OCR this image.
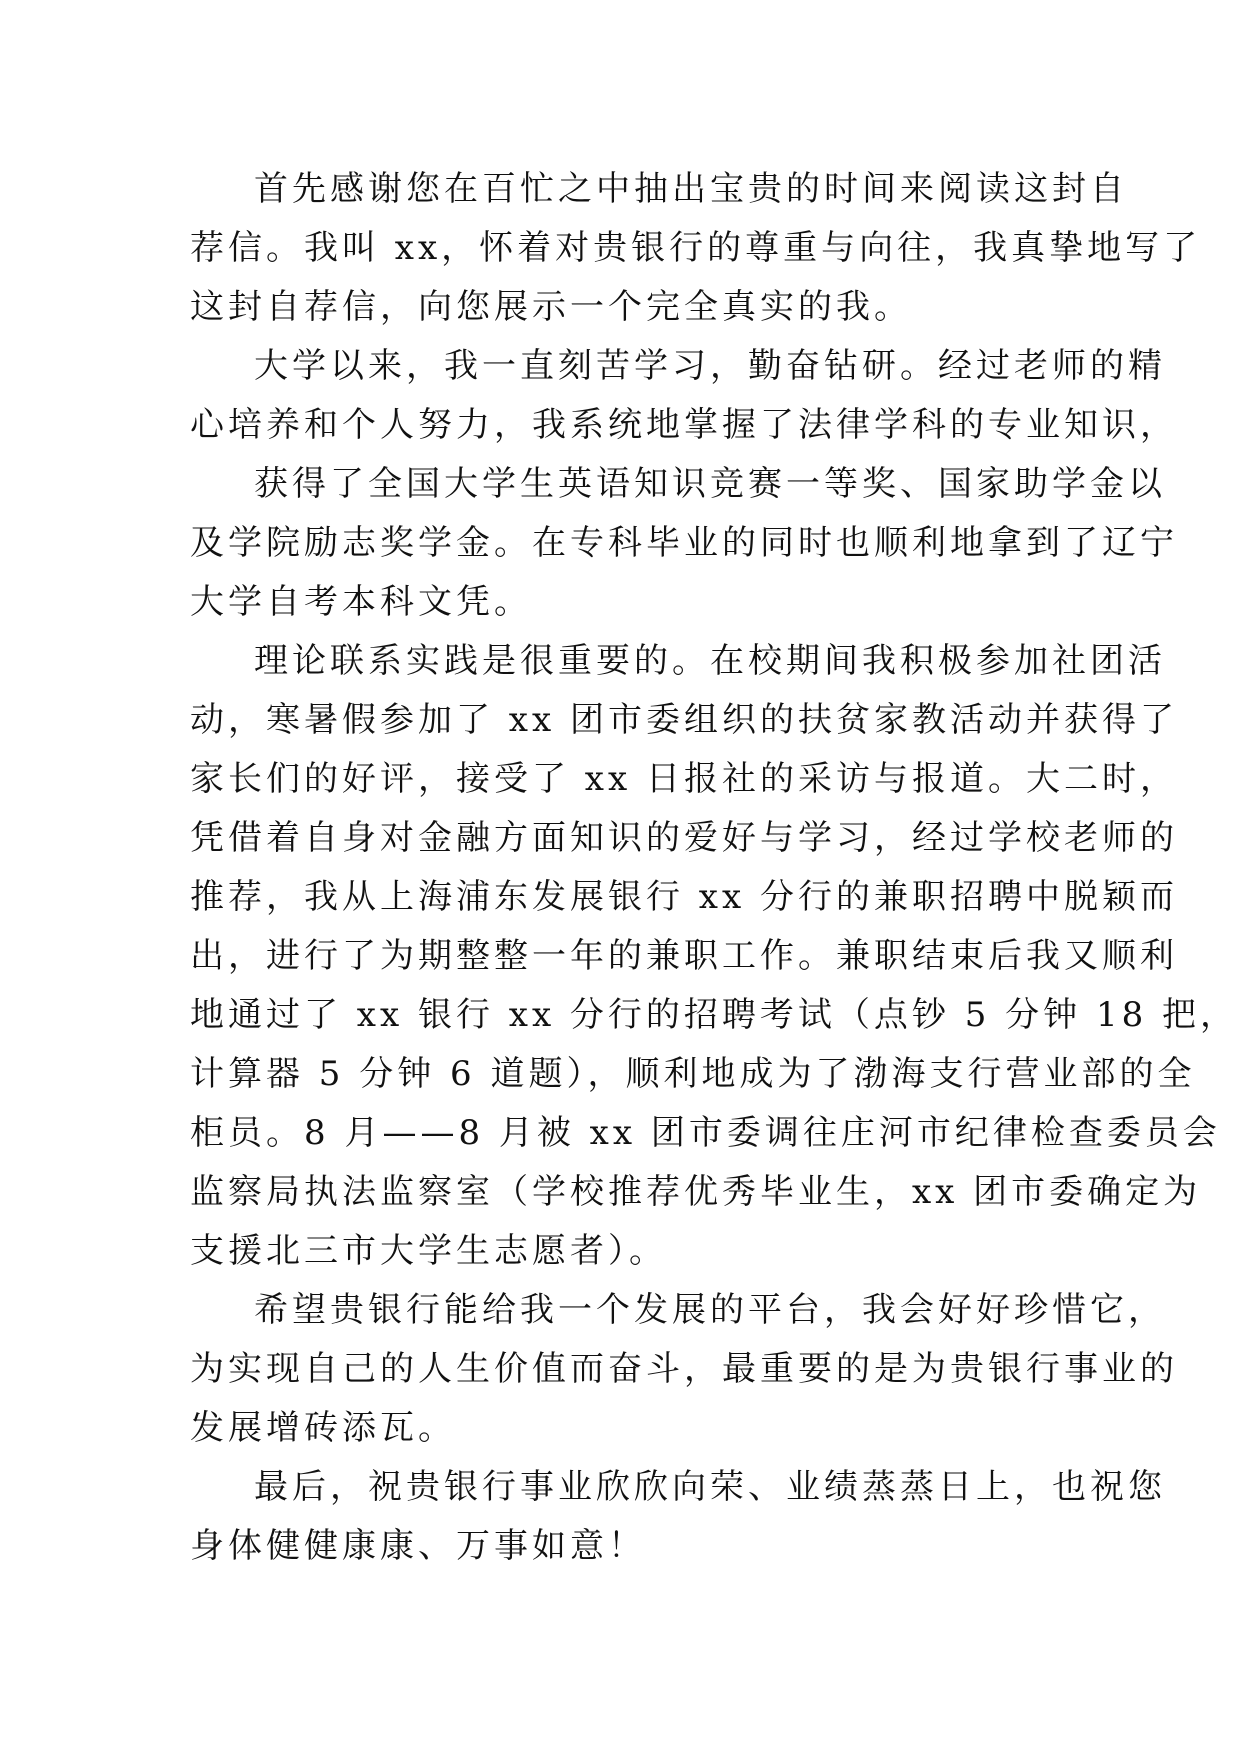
首先感谢您在百忙之中抽出宝贵的时间来阅读这封自
荐信。我叫 xx，怀着对贵银行的尊重与向往，我真挚地写了
这封自荐信，向您展示一个完全真实的我。
大学以来，我一直刻苦学习，勤奋钻研。经过老师的精
心培养和个人努力，我系统地掌握了法律学科的专业知识，
获得了全国大学生英语知识竞赛一等奖、国家助学金以
及学院励志奖学金。在专科毕业的同时也顺利地拿到了辽宁
大学自考本科文凭。
理论联系实践是很重要的。在校期间我积极参加社团活
动，寒暑假参加了 xx 团市委组织的扶贫家教活动并获得了
家长们的好评，接受了 xx 日报社的采访与报道。大二时，
凭借着自身对金融方面知识的爱好与学习，经过学校老师的
推荐，我从上海浦东发展银行 xx 分行的兼职招聘中脱颖而
出，进行了为期整整一年的兼职工作。兼职结束后我又顺利
地通过了 xx 银行 xx 分行的招聘考试（点钞 5 分钟 18 把，
计算器 5 分钟 6 道题），顺利地成为了渤海支行营业部的全
柜员。8 月——8 月被 xx 团市委调往庄河市纪律检查委员会
监察局执法监察室（学校推荐优秀毕业生，xx 团市委确定为
支援北三市大学生志愿者）。
希望贵银行能给我一个发展的平台，我会好好珍惜它，
为实现自己的人生价值而奋斗，最重要的是为贵银行事业的
发展增砖添瓦。
最后，祝贵银行事业欣欣向荣、业绩蒸蒸日上，也祝您
身体健健康康、万事如意！
